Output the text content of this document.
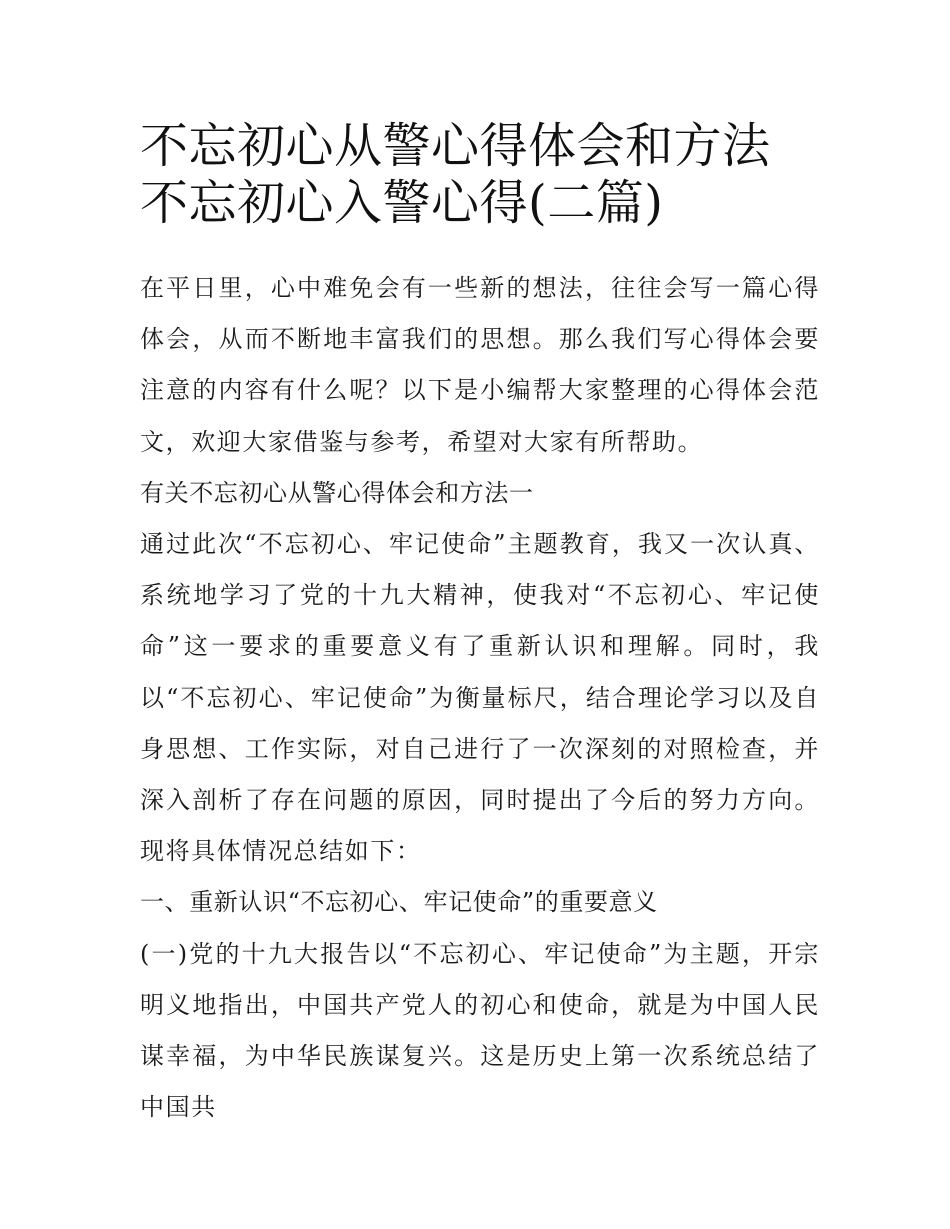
不忘初心从警心得体会和方法
不忘初心入警心得(二篇)

在平日里，心中难免会有一些新的想法，往往会写一篇心得体会，从而不断地丰富我们的思想。那么我们写心得体会要注意的内容有什么呢？以下是小编帮大家整理的心得体会范文，欢迎大家借鉴与参考，希望对大家有所帮助。

有关不忘初心从警心得体会和方法一

通过此次“不忘初心、牢记使命”主题教育，我又一次认真、系统地学习了党的十九大精神，使我对“不忘初心、牢记使命”这一要求的重要意义有了重新认识和理解。同时，我以“不忘初心、牢记使命”为衡量标尺，结合理论学习以及自身思想、工作实际，对自己进行了一次深刻的对照检查，并深入剖析了存在问题的原因，同时提出了今后的努力方向。现将具体情况总结如下：

一、重新认识“不忘初心、牢记使命”的重要意义

(一)党的十九大报告以“不忘初心、牢记使命”为主题，开宗明义地指出，中国共产党人的初心和使命，就是为中国人民谋幸福，为中华民族谋复兴。这是历史上第一次系统总结了中国共
